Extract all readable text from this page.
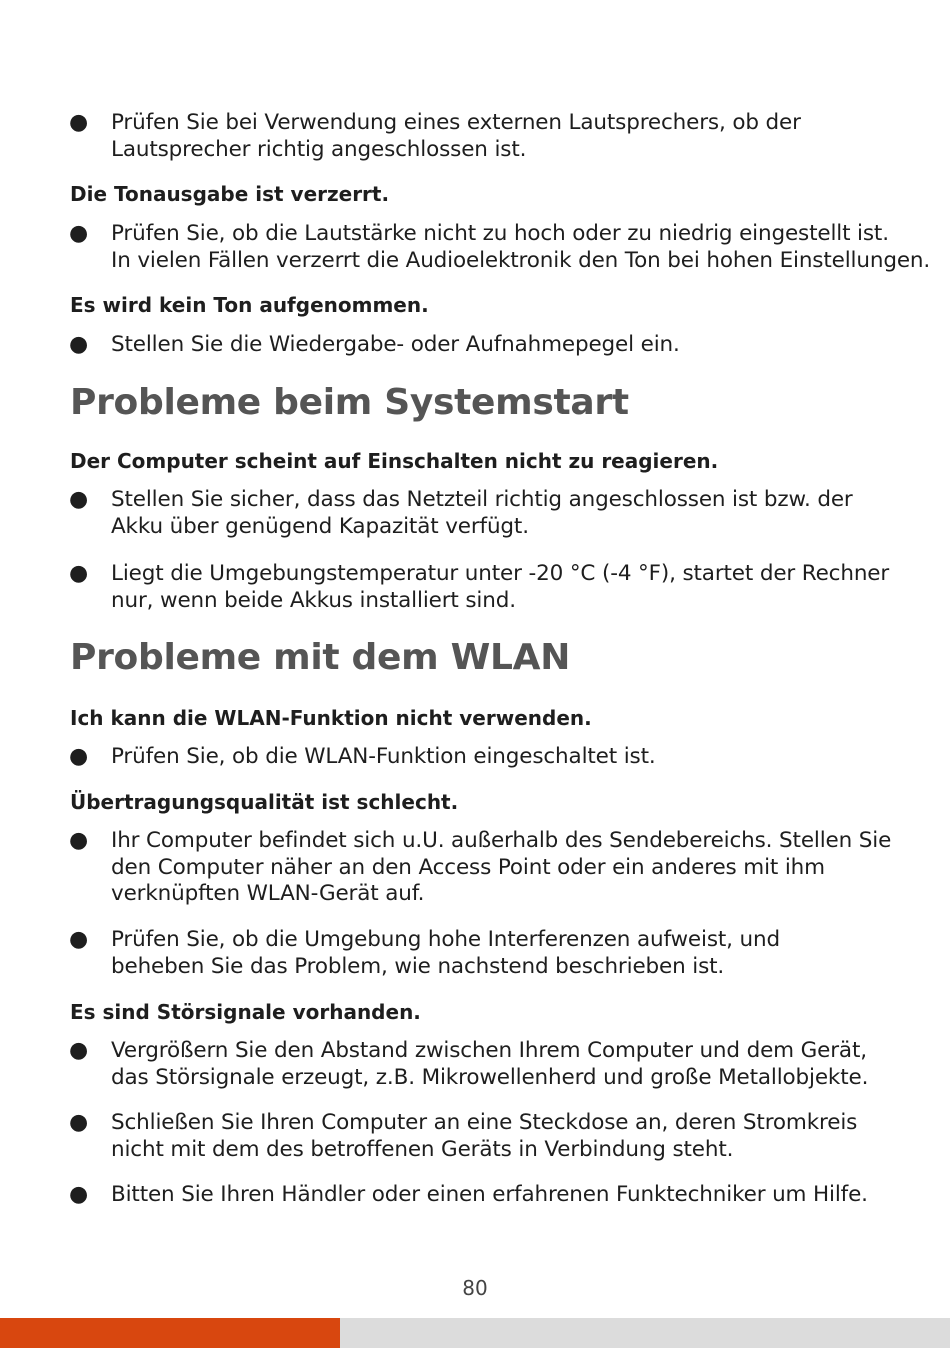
● Prüfen Sie bei Verwendung eines externen Lautsprechers, ob der
Lautsprecher richtig angeschlossen ist.
Die Tonausgabe ist verzerrt.
● Prüfen Sie, ob die Lautstärke nicht zu hoch oder zu niedrig eingestellt ist.
In vielen Fällen verzerrt die Audioelektronik den Ton bei hohen Einstellungen.
Es wird kein Ton aufgenommen.
● Stellen Sie die Wiedergabe- oder Aufnahmepegel ein.
Probleme beim Systemstart
Der Computer scheint auf Einschalten nicht zu reagieren.
● Stellen Sie sicher, dass das Netzteil richtig angeschlossen ist bzw. der
Akku über genügend Kapazität verfügt.
● Liegt die Umgebungstemperatur unter -20 °C (-4 °F), startet der Rechner
nur, wenn beide Akkus installiert sind.
Probleme mit dem WLAN
Ich kann die WLAN-Funktion nicht verwenden.
● Prüfen Sie, ob die WLAN-Funktion eingeschaltet ist.
Übertragungsqualität ist schlecht.
● Ihr Computer befindet sich u.U. außerhalb des Sendebereichs. Stellen Sie
den Computer näher an den Access Point oder ein anderes mit ihm
verknüpften WLAN-Gerät auf.
● Prüfen Sie, ob die Umgebung hohe Interferenzen aufweist, und
beheben Sie das Problem, wie nachstend beschrieben ist.
Es sind Störsignale vorhanden.
● Vergrößern Sie den Abstand zwischen Ihrem Computer und dem Gerät,
das Störsignale erzeugt, z.B. Mikrowellenherd und große Metallobjekte.
● Schließen Sie Ihren Computer an eine Steckdose an, deren Stromkreis
nicht mit dem des betroffenen Geräts in Verbindung steht.
● Bitten Sie Ihren Händler oder einen erfahrenen Funktechniker um Hilfe.
80
